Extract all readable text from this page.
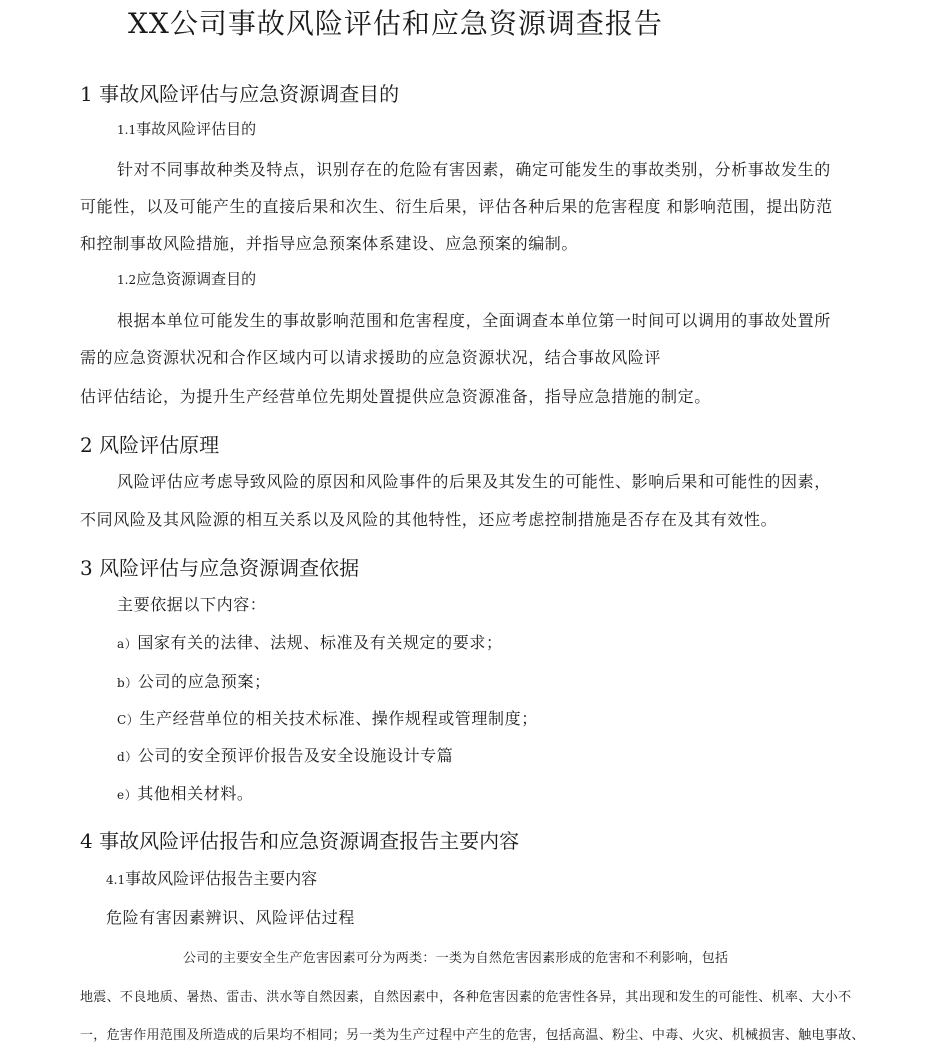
XX公司事故风险评估和应急资源调查报告
1 事故风险评估与应急资源调查目的
1.1事故风险评估目的
针对不同事故种类及特点，识别存在的危险有害因素，确定可能发生的事故类别，分析事故发生的
可能性，以及可能产生的直接后果和次生、衍生后果，评估各种后果的危害程度 和影响范围，提出防范
和控制事故风险措施，并指导应急预案体系建设、应急预案的编制。
1.2应急资源调查目的
根据本单位可能发生的事故影响范围和危害程度，全面调查本单位第一时间可以调用的事故处置所
需的应急资源状况和合作区域内可以请求援助的应急资源状况，结合事故风险评
估评估结论，为提升生产经营单位先期处置提供应急资源准备，指导应急措施的制定。
2 风险评估原理
风险评估应考虑导致风险的原因和风险事件的后果及其发生的可能性、影响后果和可能性的因素，
不同风险及其风险源的相互关系以及风险的其他特性，还应考虑控制措施是否存在及其有效性。
3 风险评估与应急资源调查依据
主要依据以下内容：
a）国家有关的法律、法规、标准及有关规定的要求；
b）公司的应急预案；
C）生产经营单位的相关技术标准、操作规程或管理制度；
d）公司的安全预评价报告及安全设施设计专篇
e）其他相关材料。
4 事故风险评估报告和应急资源调查报告主要内容
4.1事故风险评估报告主要内容
危险有害因素辨识、风险评估过程
公司的主要安全生产危害因素可分为两类：一类为自然危害因素形成的危害和不利影响，包括
地震、不良地质、暑热、雷击、洪水等自然因素，自然因素中，各种危害因素的危害性各异，其出现和发生的可能性、机率、大小不
一，危害作用范围及所造成的后果均不相同；另一类为生产过程中产生的危害，包括高温、粉尘、中毒、火灾、机械损害、触电事故、
